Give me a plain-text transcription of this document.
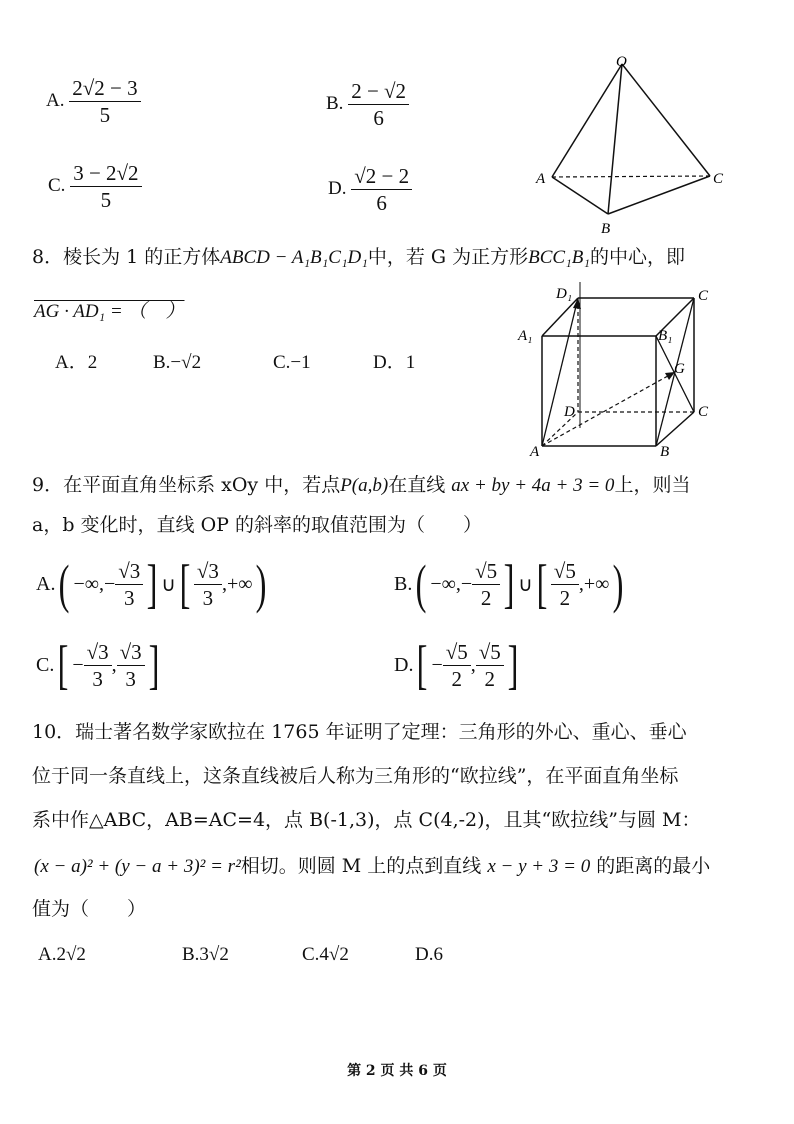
A. $\frac{2√2 - 3}{5}$	B. $\frac{2 - √2}{6}$
C. $\frac{3 - 2√2}{5}$	D. $\frac{√2 - 2}{6}$
O
A
B
C
8．棱长为 1 的正方体ABCD − A₁B₁C₁D₁中，若 G 为正方形BCC₁B₁的中心，即
AG · AD₁ = （　）
A．2	B.−√2	C.−1	D．1
D₁	C
A₁	B₁
G
D	C
A	B
9．在平面直角坐标系 xOy 中，若点P(a,b)在直线 ax + by + 4a + 3 = 0上，则当
a，b 变化时，直线 OP 的斜率的取值范围为（　　）
A. ( −∞, − $\frac{√3}{3}$ ] ∪ [ $\frac{√3}{3}$ ,+∞ )	B. ( −∞, − $\frac{√5}{2}$ ] ∪ [ $\frac{√5}{2}$ ,+∞ )
C. [ − $\frac{√3}{3}$ , $\frac{√3}{3}$ ]	D. [ − $\frac{√5}{2}$ , $\frac{√5}{2}$ ]
10．瑞士著名数学家欧拉在 1765 年证明了定理：三角形的外心、重心、垂心
位于同一条直线上，这条直线被后人称为三角形的“欧拉线”，在平面直角坐标
系中作△ABC，AB=AC=4，点 B(-1,3)，点 C(4,-2)，且其“欧拉线”与圆 M：
(x − a)² + (y − a + 3)² = r²相切。则圆 M 上的点到直线 x − y + 3 = 0 的距离的最小
值为（　　）
A.2√2	B.3√2	C.4√2	D.6
第 2 页 共 6 页
